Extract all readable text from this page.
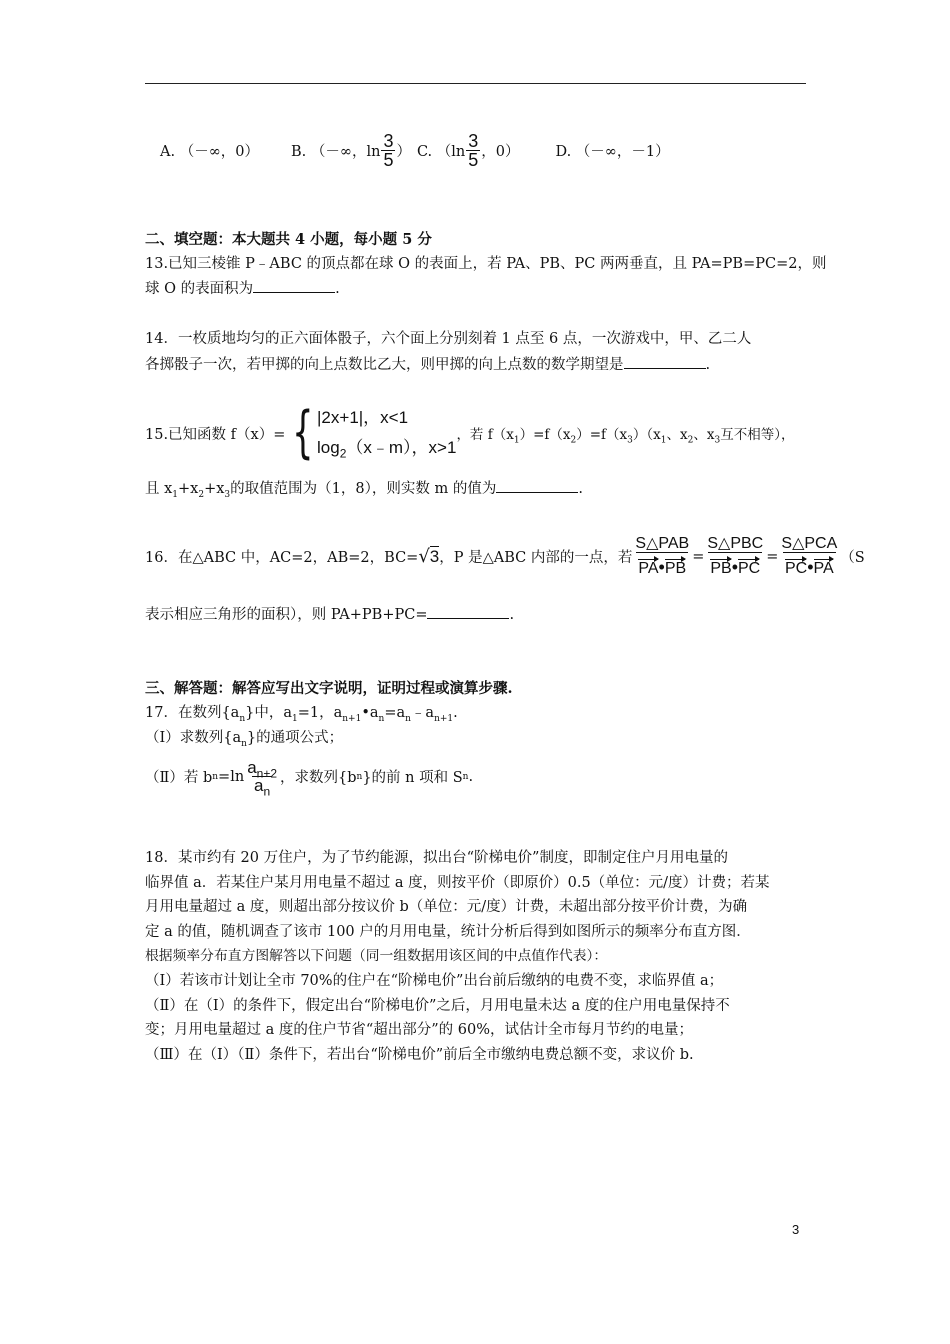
A. （－∞，0） B. （－∞，$\ln \frac{3}{5}$ ） C. （$\ln \frac{3}{5}$ ，0） D. （－∞，－1）
二、填空题：本大题共 4 小题，每小题 5 分
13.已知三棱锥 P﹣ABC 的顶点都在球 O 的表面上，若 PA、PB、PC 两两垂直，且 PA=PB=PC=2，则
球 O 的表面积为	.
14．一枚质地均匀的正六面体骰子，六个面上分别刻着 1 点至 6 点，一次游戏中，甲、乙二人
各掷骰子一次，若甲掷的向上点数比乙大，则甲掷的向上点数的数学期望是	.
15.已知函数 f（x）= { |2x+1|，x<1
$\log_2(x﹣m)$，x>1
，若 $f(x_1)=f(x_2)=f(x_3)(x_1$、$x_2$、$x_3$互不相等），
且 $x_1+x_2+x_3$的取值范围为（1，8），则实数 m 的值为	.
16．在△ABC 中，AC=2，AB=2，BC= √ 3 ，P 是△ABC 内部的一点，若 $\frac{\text{S△PAB}}{PA•PB} = \frac{\text{S△PBC}}{PB•PC} = \frac{\text{S△PCA}}{PC•PA} (S$
表示相应三角形的面积），则 PA+PB+PC=	.
三、解答题：解答应写出文字说明，证明过程或演算步骤.
17．在数列$\{a_n\}$中，$a_1=1$，$a_{n+1}•a_n=a_n﹣a_{n+1}$.
（Ⅰ）求数列$\{a_n\}$的通项公式；
（Ⅱ）若 b $n =\ln \frac{a_{n+2}}{a_n}$ ，求数列{b n }的前 n 项和 S n .
18．某市约有 20 万住户，为了节约能源，拟出台“阶梯电价”制度，即制定住户月用电量的
临界值 a．若某住户某月用电量不超过 a 度，则按平价（即原价）0.5（单位：元/度）计费；若某
月用电量超过 a 度，则超出部分按议价 b（单位：元/度）计费，未超出部分按平价计费，为确
定 a 的值，随机调查了该市 100 户的月用电量，统计分析后得到如图所示的频率分布直方图．
根据频率分布直方图解答以下问题（同一组数据用该区间的中点值作代表）：
（Ⅰ）若该市计划让全市 70%的住户在“阶梯电价”出台前后缴纳的电费不变，求临界值 a；
（Ⅱ）在（Ⅰ）的条件下，假定出台“阶梯电价”之后，月用电量未达 a 度的住户用电量保持不
变；月用电量超过 a 度的住户节省“超出部分”的 60%，试估计全市每月节约的电量；
（Ⅲ）在（Ⅰ）（Ⅱ）条件下，若出台“阶梯电价”前后全市缴纳电费总额不变，求议价 b.
3
